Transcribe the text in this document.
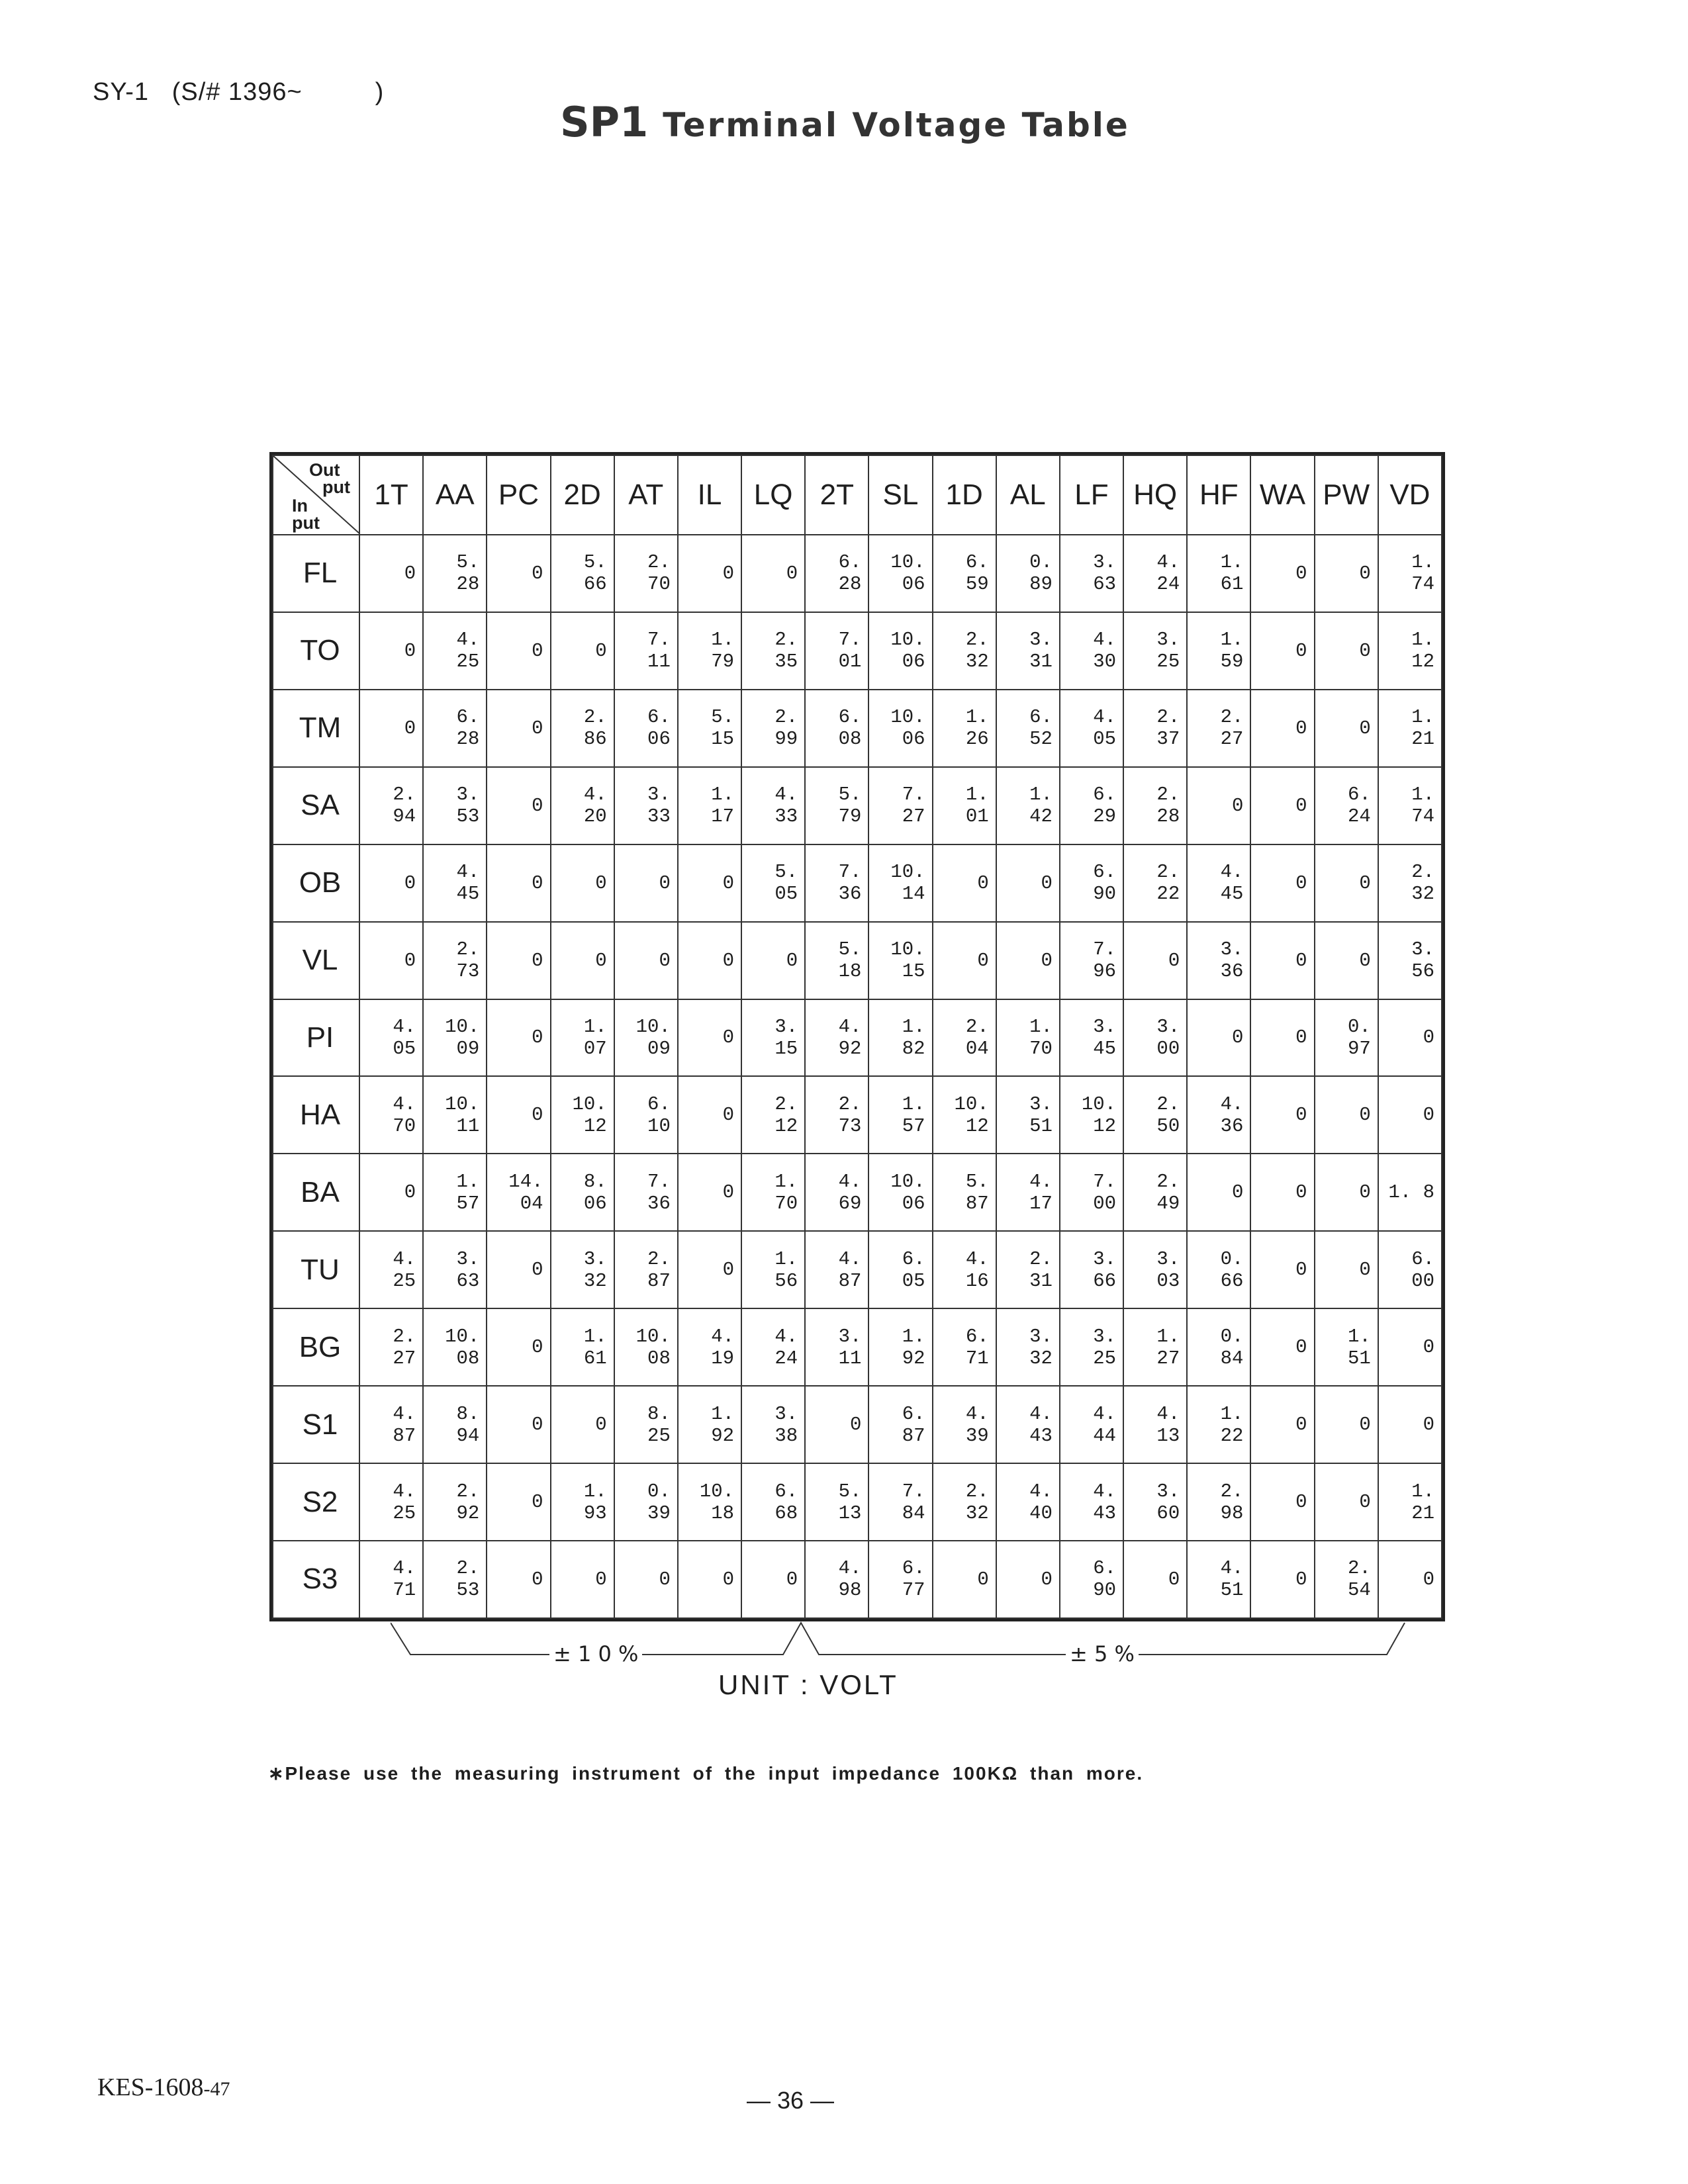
SY-1 (S/# 1396~	)
SP1 Terminal Voltage Table
Out
put
In
put	1T	AA	PC	2D	AT	IL	LQ	2T	SL	1D	AL	LF	HQ	HF	WA	PW	VD
FL	0	5. 28	0	5. 66	2. 70	0	0	6. 28	10. 06	6. 59	0. 89	3. 63	4. 24	1. 61	0	0	1. 74
TO	0	4. 25	0	0	7. 11	1. 79	2. 35	7. 01	10. 06	2. 32	3. 31	4. 30	3. 25	1. 59	0	0	1. 12
TM	0	6. 28	0	2. 86	6. 06	5. 15	2. 99	6. 08	10. 06	1. 26	6. 52	4. 05	2. 37	2. 27	0	0	1. 21
SA	2. 94	3. 53	0	4. 20	3. 33	1. 17	4. 33	5. 79	7. 27	1. 01	1. 42	6. 29	2. 28	0	0	6. 24	1. 74
OB	0	4. 45	0	0	0	0	5. 05	7. 36	10. 14	0	0	6. 90	2. 22	4. 45	0	0	2. 32
VL	0	2. 73	0	0	0	0	0	5. 18	10. 15	0	0	7. 96	0	3. 36	0	0	3. 56
PI	4. 05	10. 09	0	1. 07	10. 09	0	3. 15	4. 92	1. 82	2. 04	1. 70	3. 45	3. 00	0	0	0. 97	0
HA	4. 70	10. 11	0	10. 12	6. 10	0	2. 12	2. 73	1. 57	10. 12	3. 51	10. 12	2. 50	4. 36	0	0	0
BA	0	1. 57	14. 04	8. 06	7. 36	0	1. 70	4. 69	10. 06	5. 87	4. 17	7. 00	2. 49	0	0	0	1. 8
TU	4. 25	3. 63	0	3. 32	2. 87	0	1. 56	4. 87	6. 05	4. 16	2. 31	3. 66	3. 03	0. 66	0	0	6. 00
BG	2. 27	10. 08	0	1. 61	10. 08	4. 19	4. 24	3. 11	1. 92	6. 71	3. 32	3. 25	1. 27	0. 84	0	1. 51	0
S1	4. 87	8. 94	0	0	8. 25	1. 92	3. 38	0	6. 87	4. 39	4. 43	4. 44	4. 13	1. 22	0	0	0
S2	4. 25	2. 92	0	1. 93	0. 39	10. 18	6. 68	5. 13	7. 84	2. 32	4. 40	4. 43	3. 60	2. 98	0	0	1. 21
S3	4. 71	2. 53	0	0	0	0	0	4. 98	6. 77	0	0	6. 90	0	4. 51	0	2. 54	0
± 1 0 %	± 5 %
UNIT : VOLT
∗Please use the measuring instrument of the input impedance 100KΩ than more.
KES-1608-47	— 36 —
